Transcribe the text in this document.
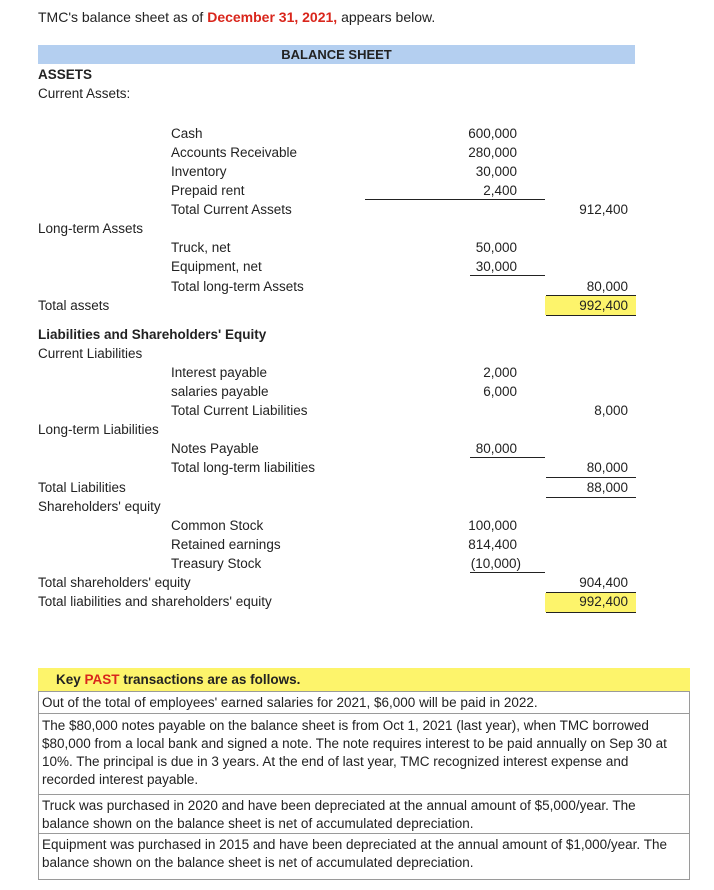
TMC's balance sheet as of December 31, 2021, appears below.
BALANCE SHEET
ASSETS
Current Assets:
Cash	600,000
Accounts Receivable	280,000
Inventory	30,000
Prepaid rent	2,400
Total Current Assets	912,400
Long-term Assets
Truck, net	50,000
Equipment, net	30,000
Total long-term Assets	80,000
Total assets	992,400
Liabilities and Shareholders' Equity
Current Liabilities
Interest payable	2,000
salaries payable	6,000
Total Current Liabilities	8,000
Long-term Liabilities
Notes Payable	80,000
Total long-term liabilities	80,000
Total Liabilities	88,000
Shareholders' equity
Common Stock	100,000
Retained earnings	814,400
Treasury Stock	(10,000)
Total shareholders' equity	904,400
Total liabilities and shareholders' equity	992,400
Key PAST transactions are as follows.
Out of the total of employees' earned salaries for 2021, $6,000 will be paid in 2022.
The $80,000 notes payable on the balance sheet is from Oct 1, 2021 (last year), when TMC borrowed $80,000 from a local bank and signed a note. The note requires interest to be paid annually on Sep 30 at 10%. The principal is due in 3 years. At the end of last year, TMC recognized interest expense and recorded interest payable.
Truck was purchased in 2020 and have been depreciated at the annual amount of $5,000/year. The balance shown on the balance sheet is net of accumulated depreciation.
Equipment was purchased in 2015 and have been depreciated at the annual amount of $1,000/year. The balance shown on the balance sheet is net of accumulated depreciation.
